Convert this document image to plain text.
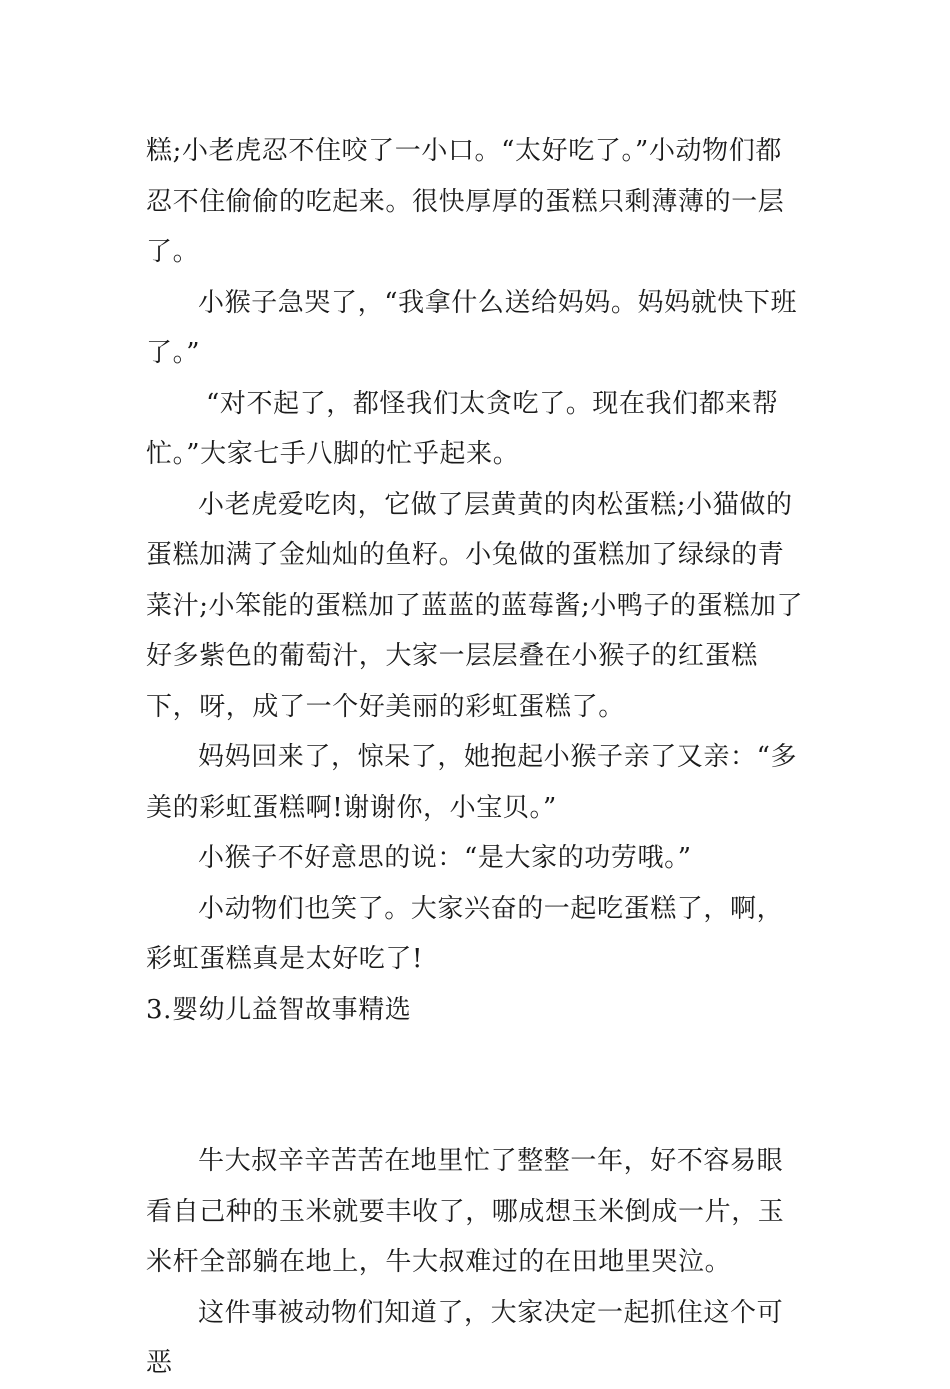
糕;小老虎忍不住咬了一小口。“太好吃了。”小动物们都忍不住偷偷的吃起来。很快厚厚的蛋糕只剩薄薄的一层了。

小猴子急哭了，“我拿什么送给妈妈。妈妈就快下班了。”

“对不起了，都怪我们太贪吃了。现在我们都来帮忙。”大家七手八脚的忙乎起来。

小老虎爱吃肉，它做了层黄黄的肉松蛋糕;小猫做的蛋糕加满了金灿灿的鱼籽。小兔做的蛋糕加了绿绿的青菜汁;小笨能的蛋糕加了蓝蓝的蓝莓酱;小鸭子的蛋糕加了好多紫色的葡萄汁，大家一层层叠在小猴子的红蛋糕下，呀，成了一个好美丽的彩虹蛋糕了。

妈妈回来了，惊呆了，她抱起小猴子亲了又亲：“多美的彩虹蛋糕啊!谢谢你，小宝贝。”

小猴子不好意思的说：“是大家的功劳哦。”

小动物们也笑了。大家兴奋的一起吃蛋糕了，啊，彩虹蛋糕真是太好吃了!

3.婴幼儿益智故事精选

牛大叔辛辛苦苦在地里忙了整整一年，好不容易眼看自己种的玉米就要丰收了，哪成想玉米倒成一片，玉米杆全部躺在地上，牛大叔难过的在田地里哭泣。

这件事被动物们知道了，大家决定一起抓住这个可恶
